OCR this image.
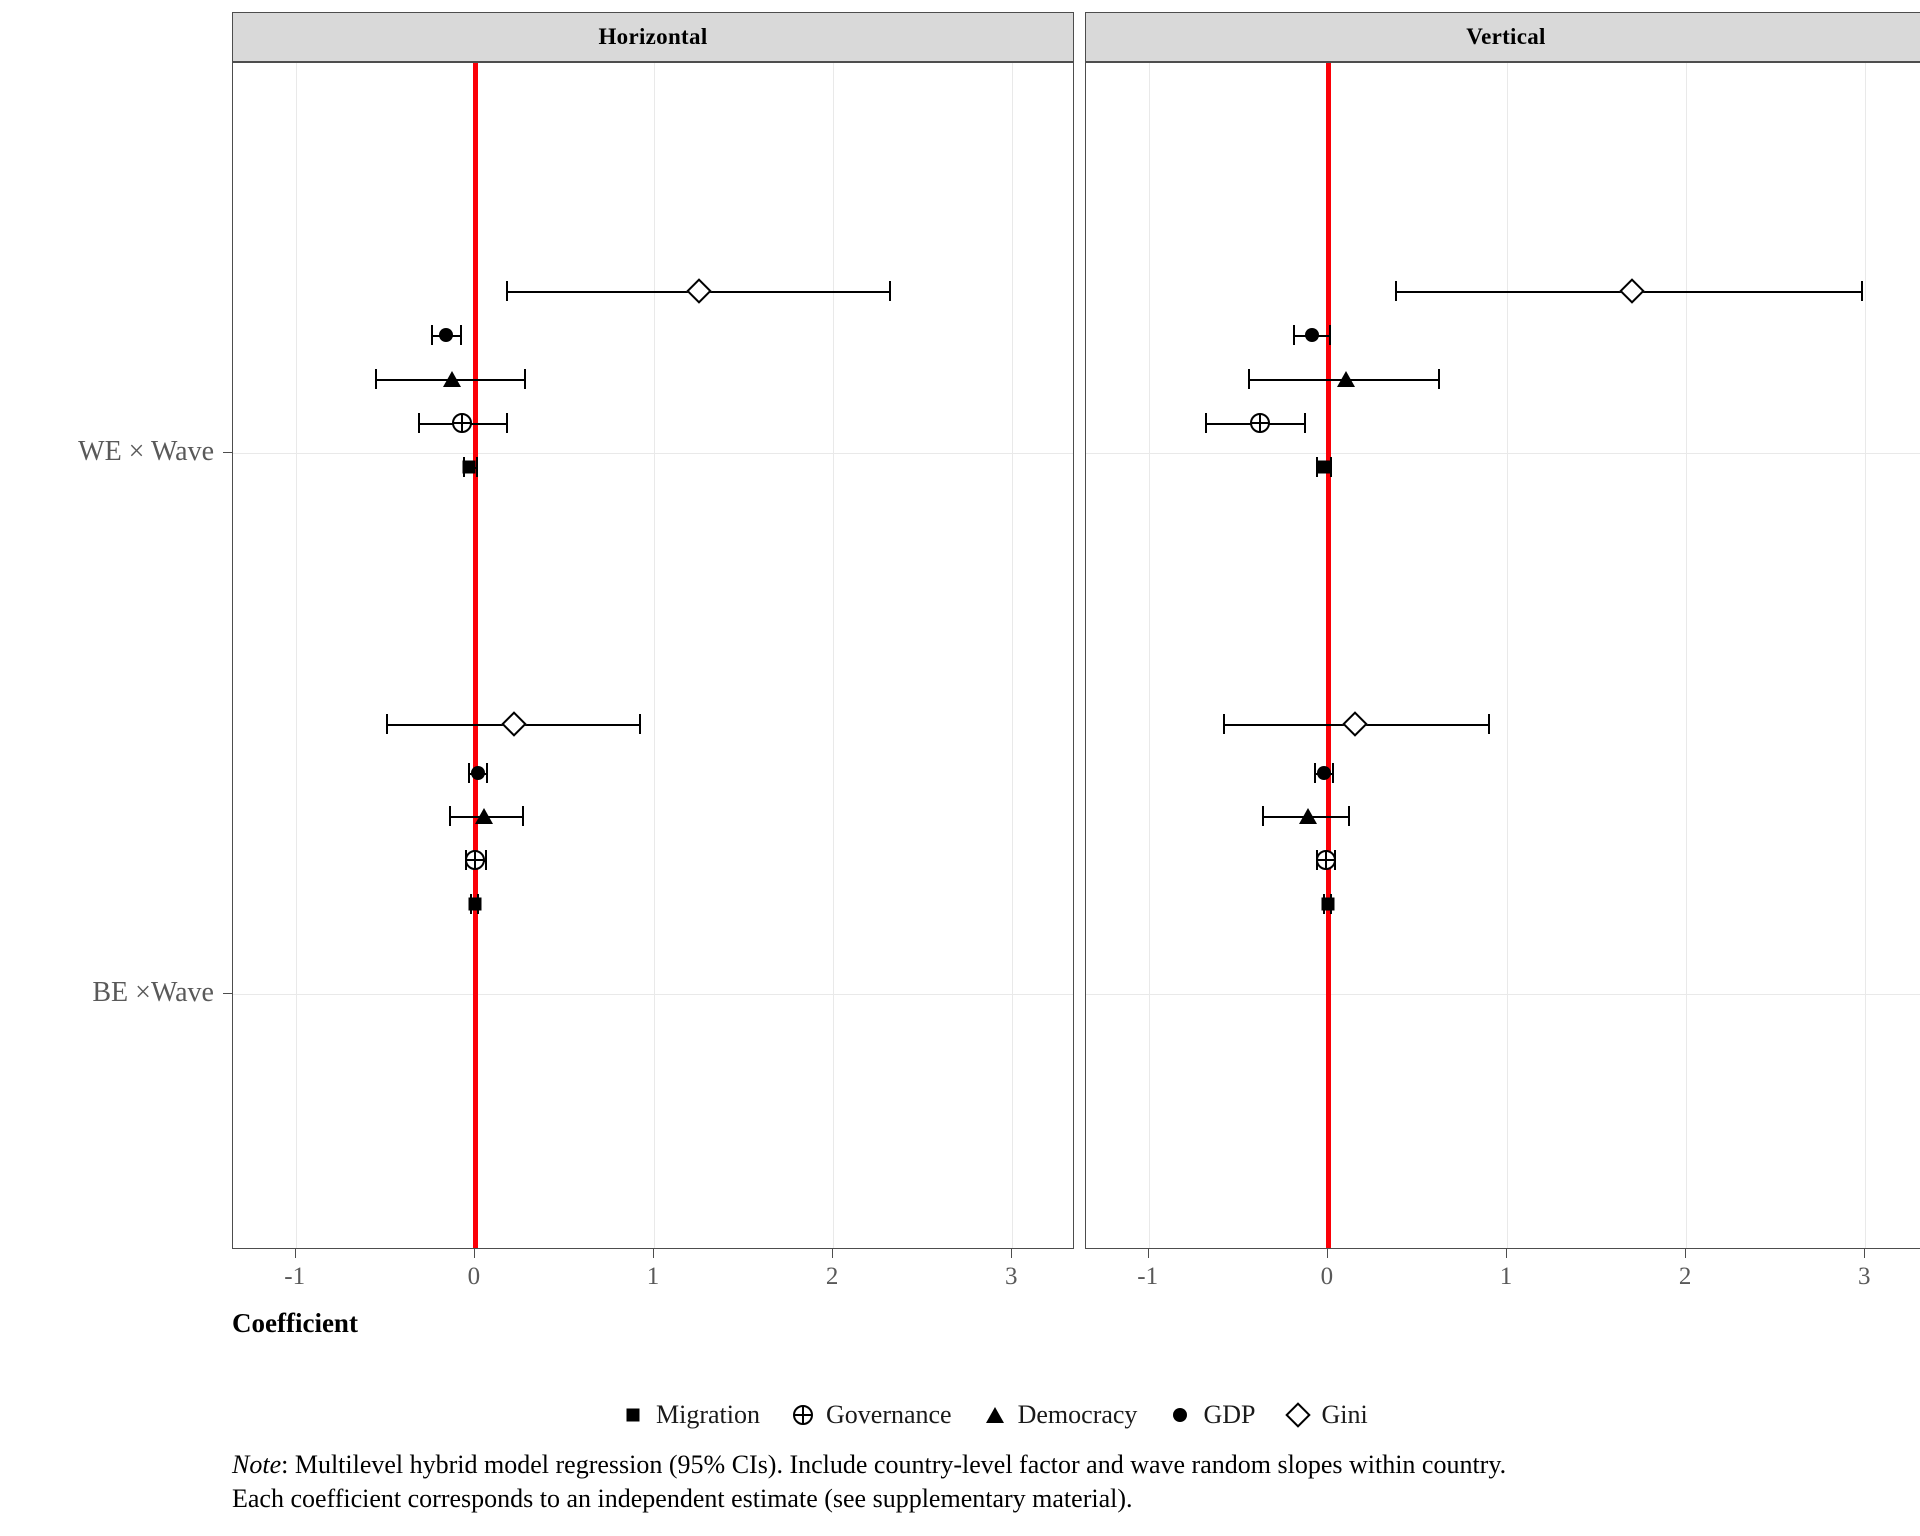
Horizontal	Vertical
WE × Wave
BE ×Wave
-1	0	1	2	3	-1	0	1	2	3
Coefficient
Migration	Governance	Democracy	GDP	Gini
Note: Multilevel hybrid model regression (95% CIs). Include country-level factor and wave random slopes within country. Each coefficient corresponds to an independent estimate (see supplementary material).
